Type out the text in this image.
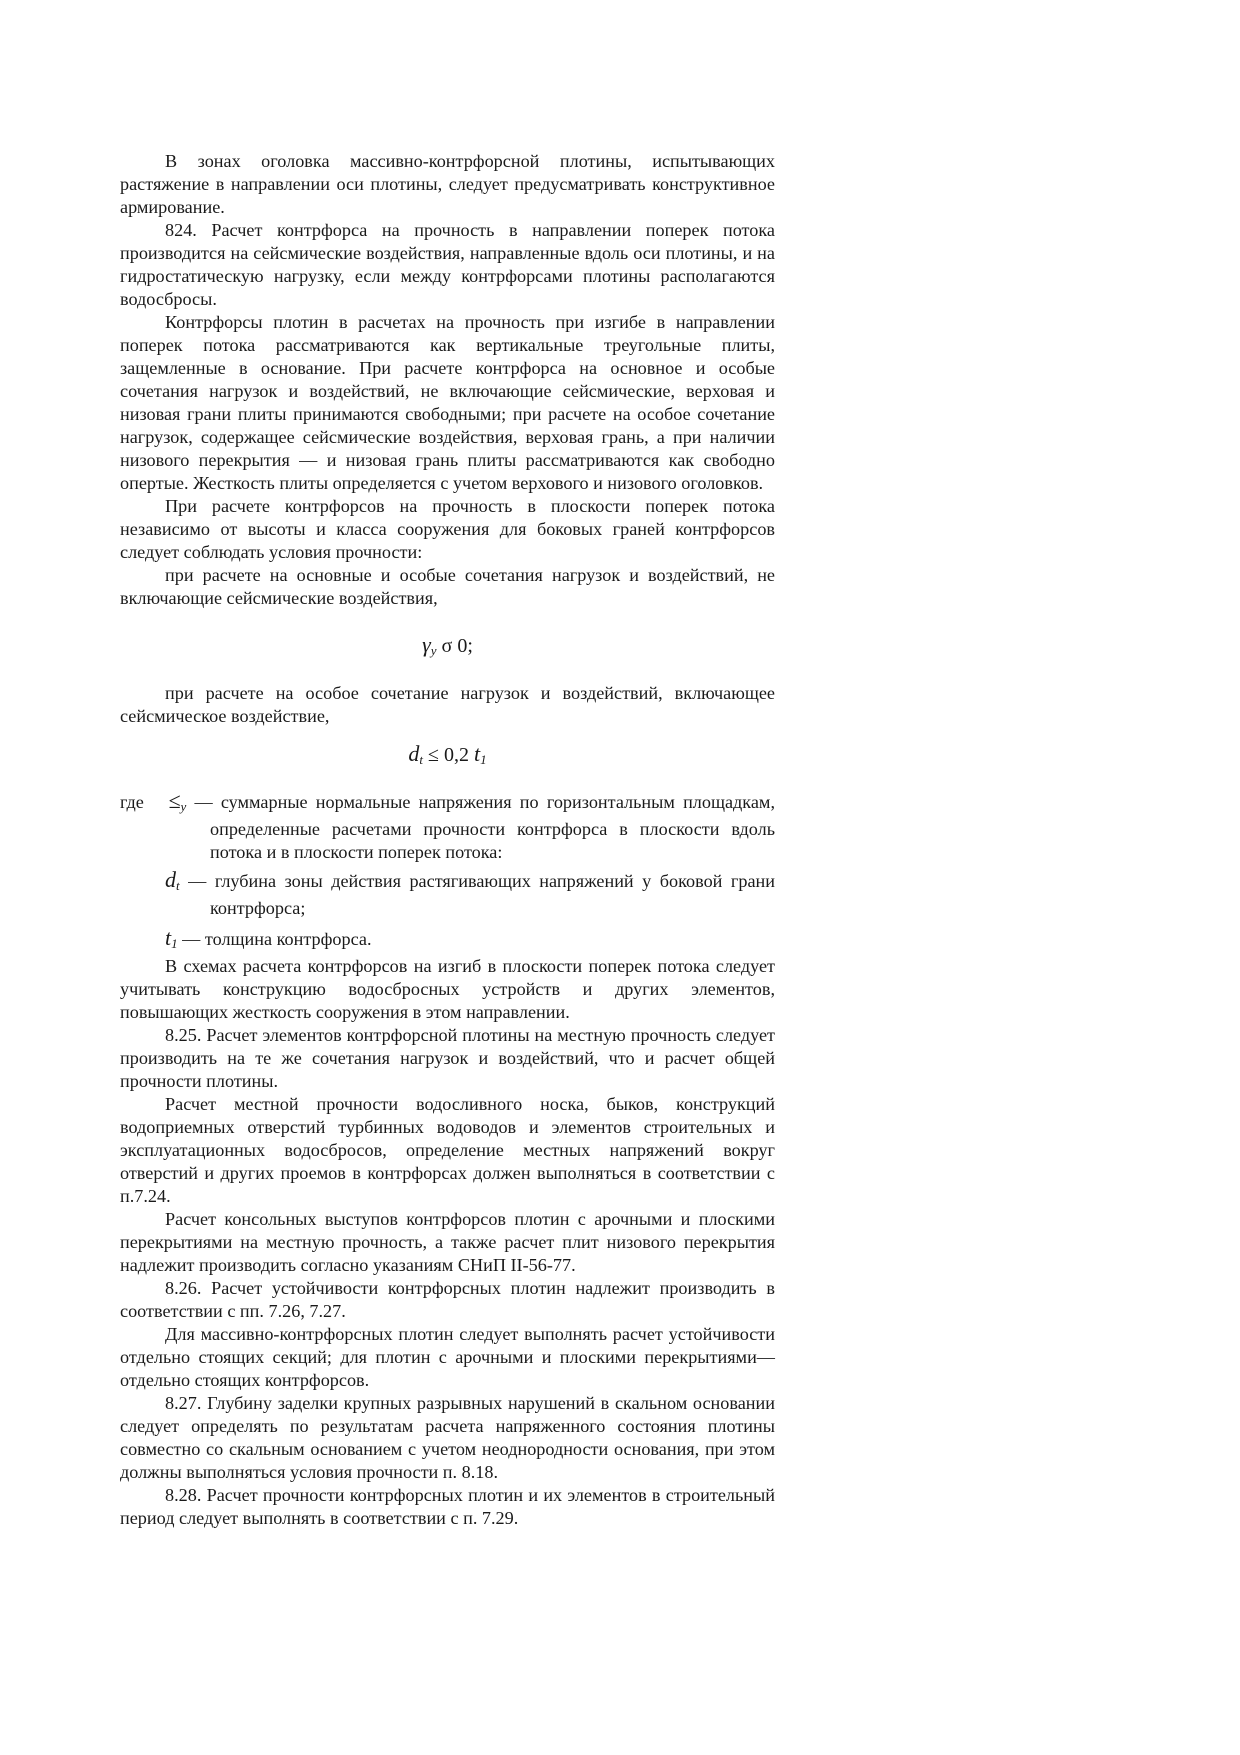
В зонах оголовка массивно-контрфорсной плотины, испытывающих растяжение в направлении оси плотины, следует предусматривать конструктивное армирование.

824. Расчет контрфорса на прочность в направлении поперек потока производится на сейсмические воздействия, направленные вдоль оси плотины, и на гидростатическую нагрузку, если между контрфорсами плотины располагаются водосбросы.

Контрфорсы плотин в расчетах на прочность при изгибе в направлении поперек потока рассматриваются как вертикальные треугольные плиты, защемленные в основание. При расчете контрфорса на основное и особые сочетания нагрузок и воздействий, не включающие сейсмические, верховая и низовая грани плиты принимаются свободными; при расчете на особое сочетание нагрузок, содержащее сейсмические воздействия, верховая грань, а при наличии низового перекрытия — и низовая грань плиты рассматриваются как свободно опертые. Жесткость плиты определяется с учетом верхового и низового оголовков.

При расчете контрфорсов на прочность в плоскости поперек потока независимо от высоты и класса сооружения для боковых граней контрфорсов следует соблюдать условия прочности:

при расчете на основные и особые сочетания нагрузок и воздействий, не включающие сейсмические воздействия,

$\gamma_y$ σ 0;

при расчете на особое сочетание нагрузок и воздействий, включающее сейсмическое воздействие,

$d_t \le 0,2$ $t_1$

где $\le_y$ — суммарные нормальные напряжения по горизонтальным площадкам, определенные расчетами прочности контрфорса в плоскости вдоль потока и в плоскости поперек потока:

$d_t$ — глубина зоны действия растягивающих напряжений у боковой грани контрфорса;

$t_1$ — толщина контрфорса.

В схемах расчета контрфорсов на изгиб в плоскости поперек потока следует учитывать конструкцию водосбросных устройств и других элементов, повышающих жесткость сооружения в этом направлении.

8.25. Расчет элементов контрфорсной плотины на местную прочность следует производить на те же сочетания нагрузок и воздействий, что и расчет общей прочности плотины.

Расчет местной прочности водосливного носка, быков, конструкций водоприемных отверстий турбинных водоводов и элементов строительных и эксплуатационных водосбросов, определение местных напряжений вокруг отверстий и других проемов в контрфорсах должен выполняться в соответствии с п.7.24.

Расчет консольных выступов контрфорсов плотин с арочными и плоскими перекрытиями на местную прочность, а также расчет плит низового перекрытия надлежит производить согласно указаниям СНиП II-56-77.

8.26. Расчет устойчивости контрфорсных плотин надлежит производить в соответствии с пп. 7.26, 7.27.

Для массивно-контрфорсных плотин следует выполнять расчет устойчивости отдельно стоящих секций; для плотин с арочными и плоскими перекрытиями— отдельно стоящих контрфорсов.

8.27. Глубину заделки крупных разрывных нарушений в скальном основании следует определять по результатам расчета напряженного состояния плотины совместно со скальным основанием с учетом неоднородности основания, при этом должны выполняться условия прочности п. 8.18.

8.28. Расчет прочности контрфорсных плотин и их элементов в строительный период следует выполнять в соответствии с п. 7.29.
